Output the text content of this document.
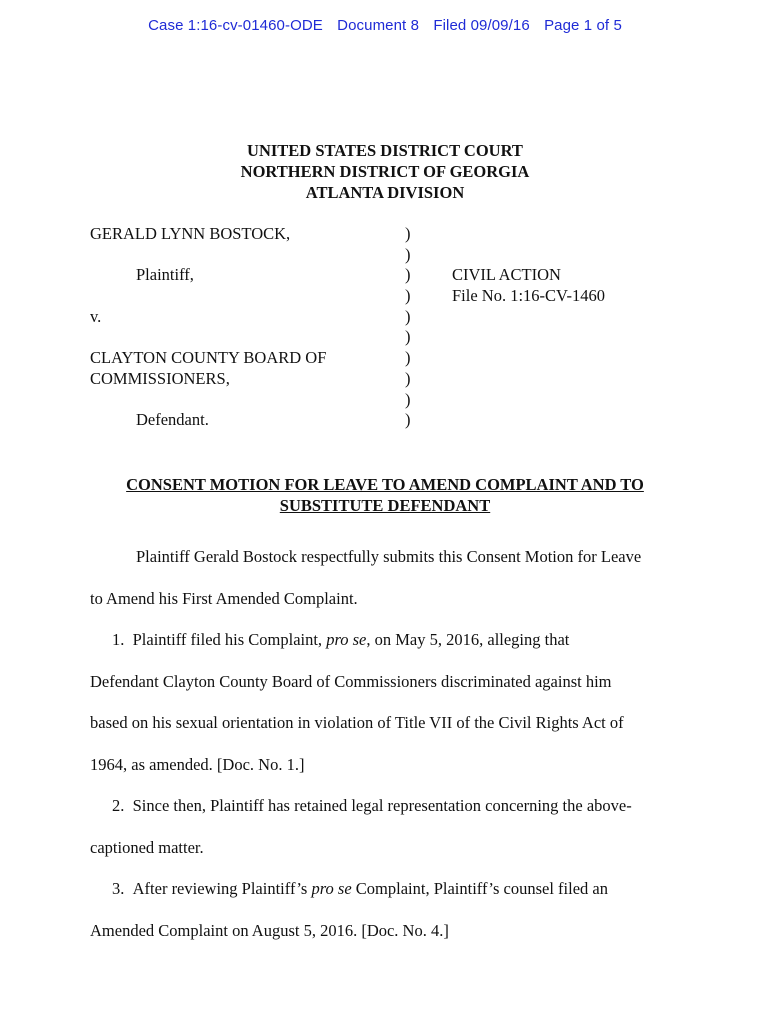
Case 1:16-cv-01460-ODE Document 8 Filed 09/09/16 Page 1 of 5
UNITED STATES DISTRICT COURT
NORTHERN DISTRICT OF GEORGIA
ATLANTA DIVISION
GERALD LYNN BOSTOCK,
Plaintiff,
v.
CLAYTON COUNTY BOARD OF
COMMISSIONERS,
Defendant.
)
)
)
)
)
)
)
)
)
)
CIVIL ACTION
File No. 1:16-CV-1460
CONSENT MOTION FOR LEAVE TO AMEND COMPLAINT AND TO
SUBSTITUTE DEFENDANT

Plaintiff Gerald Bostock respectfully submits this Consent Motion for Leave

to Amend his First Amended Complaint.

1. Plaintiff filed his Complaint, pro se, on May 5, 2016, alleging that

Defendant Clayton County Board of Commissioners discriminated against him

based on his sexual orientation in violation of Title VII of the Civil Rights Act of

1964, as amended. [Doc. No. 1.]

2. Since then, Plaintiff has retained legal representation concerning the above-

captioned matter.

3. After reviewing Plaintiff’s pro se Complaint, Plaintiff’s counsel filed an

Amended Complaint on August 5, 2016. [Doc. No. 4.]
